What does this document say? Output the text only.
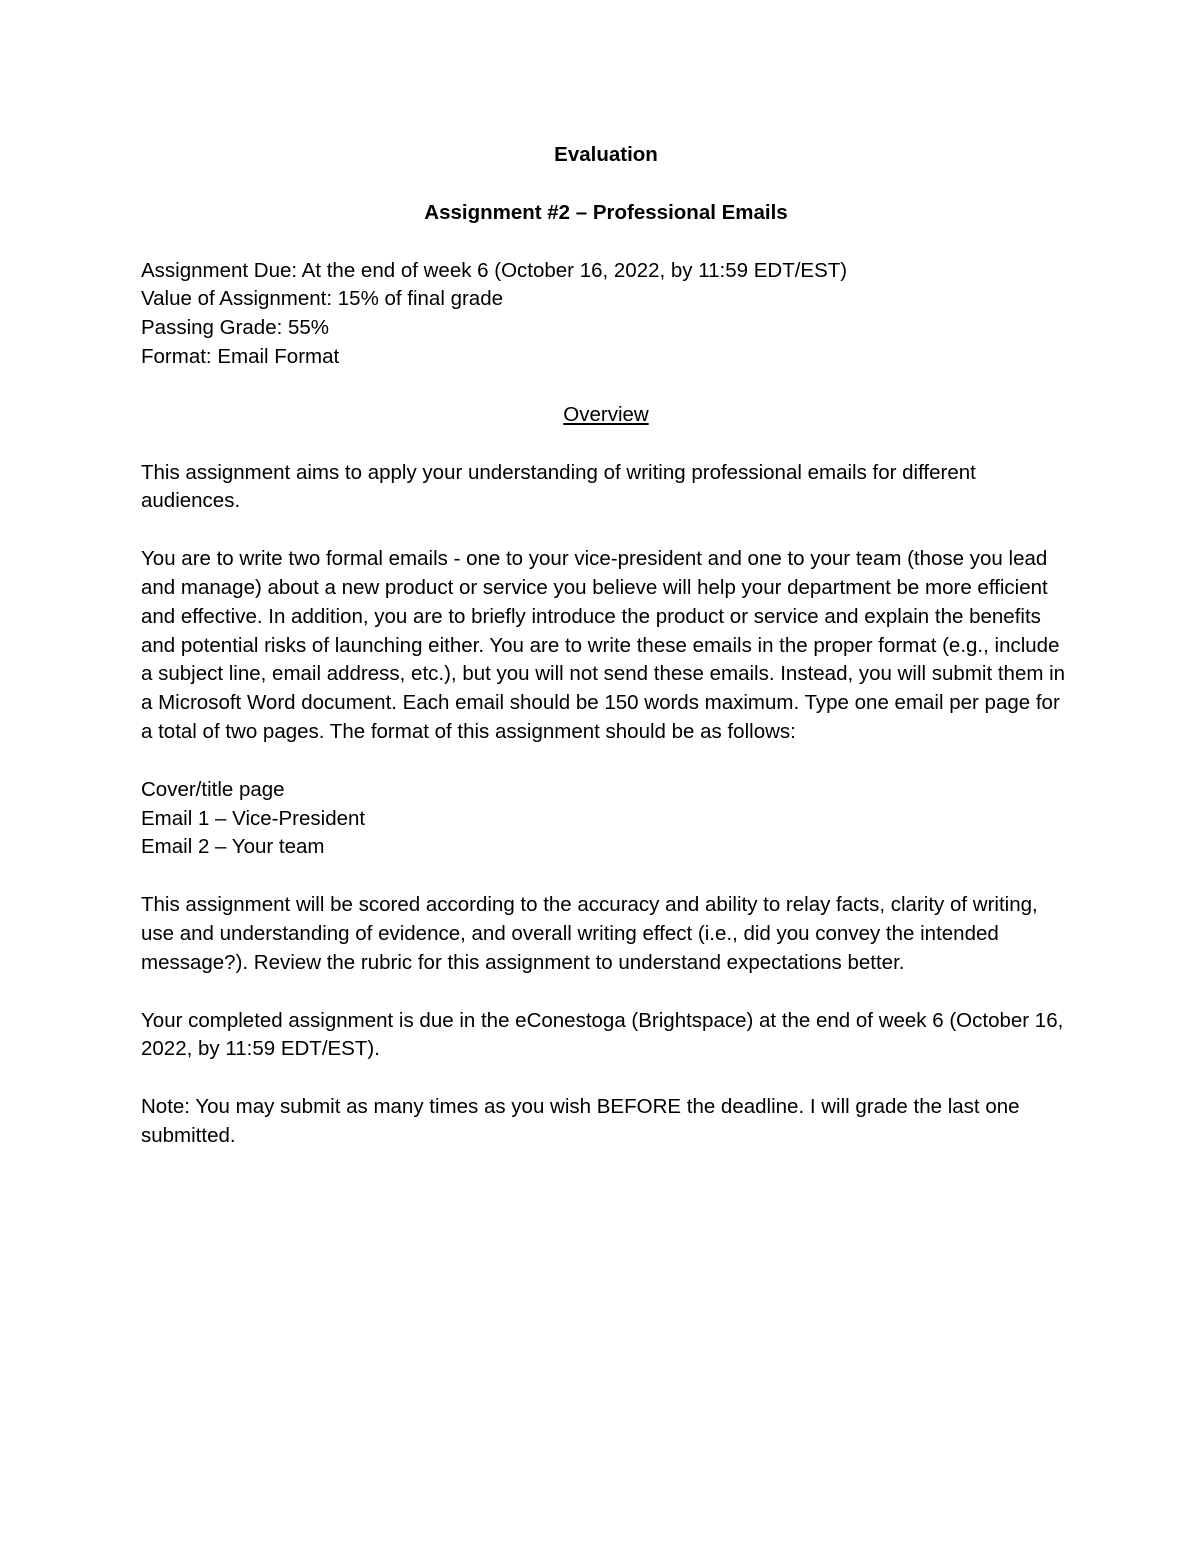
Evaluation

Assignment #2 – Professional Emails

Assignment Due: At the end of week 6 (October 16, 2022, by 11:59 EDT/EST)

Value of Assignment: 15% of final grade

Passing Grade: 55%

Format: Email Format

Overview

This assignment aims to apply your understanding of writing professional emails for different audiences.

You are to write two formal emails - one to your vice-president and one to your team (those you lead and manage) about a new product or service you believe will help your department be more efficient and effective. In addition, you are to briefly introduce the product or service and explain the benefits and potential risks of launching either. You are to write these emails in the proper format (e.g., include a subject line, email address, etc.), but you will not send these emails. Instead, you will submit them in a Microsoft Word document. Each email should be 150 words maximum. Type one email per page for a total of two pages. The format of this assignment should be as follows:

Cover/title page

Email 1 – Vice-President

Email 2 – Your team

This assignment will be scored according to the accuracy and ability to relay facts, clarity of writing, use and understanding of evidence, and overall writing effect (i.e., did you convey the intended message?). Review the rubric for this assignment to understand expectations better.

Your completed assignment is due in the eConestoga (Brightspace) at the end of week 6 (October 16, 2022, by 11:59 EDT/EST).

Note: You may submit as many times as you wish BEFORE the deadline. I will grade the last one submitted.
